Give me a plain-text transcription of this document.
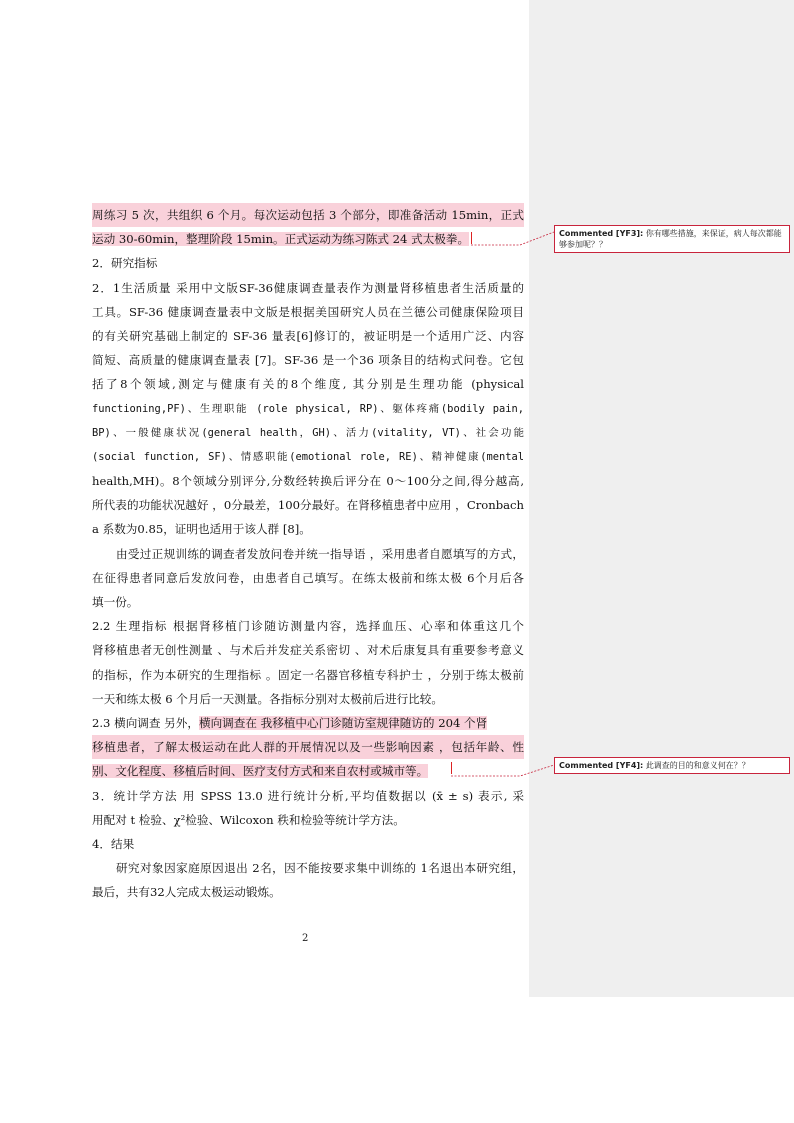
周练习 5 次，共组织 6 个月。每次运动包括 3 个部分，即准备活动 15min，正式
运动 30-60min，整理阶段 15min。正式运动为练习陈式 24 式太极拳。
2．研究指标
2．1生活质量 采用中文版SF-36健康调查量表作为测量肾移植患者生活质量的
工具。SF-36 健康调查量表中文版是根据美国研究人员在兰德公司健康保险项目
的有关研究基础上制定的 SF-36 量表[6]修订的，被证明是一个适用广泛、内容
简短、高质量的健康调查量表 [7]。SF-36 是一个36 项条目的结构式问卷。它包
括了8个领域,测定与健康有关的8个维度, 其分别是生理功能 (physical
functioning,PF)、生理职能 (role physical, RP)、躯体疼痛(bodily pain,
BP)、一般健康状况(general health，GH)、活力(vitality, VT)、社会功能
(social function, SF)、情感职能(emotional role, RE)、精神健康(mental
health,MH)。8个领域分别评分,分数经转换后评分在 0～100分之间,得分越高,
所代表的功能状况越好 ，0分最差，100分最好。在肾移植患者中应用 ，Cronbach
a 系数为0.85，证明也适用于该人群 [8]。
由受过正规训练的调查者发放问卷并统一指导语 ，采用患者自愿填写的方式，
在征得患者同意后发放问卷，由患者自己填写。在练太极前和练太极 6个月后各
填一份。
2.2 生理指标 根据肾移植门诊随访测量内容，选择血压、心率和体重这几个
肾移植患者无创性测量 、与术后并发症关系密切 、对术后康复具有重要参考意义
的指标，作为本研究的生理指标 。固定一名器官移植专科护士 ，分别于练太极前
一天和练太极 6 个月后一天测量。各指标分别对太极前后进行比较。
2.3 横向调查 另外，横向调查在 我移植中心门诊随访室规律随访的 204 个肾
移植患者，了解太极运动在此人群的开展情况以及一些影响因素 ，包括年龄、性
别、文化程度、移植后时间、医疗支付方式和来自农村或城市等。
3．统计学方法 用 SPSS 13.0 进行统计分析,平均值数据以 (x̄ ± s) 表示, 采
用配对 t 检验、χ²检验、Wilcoxon 秩和检验等统计学方法。
4．结果
研究对象因家庭原因退出 2名，因不能按要求集中训练的 1名退出本研究组，
最后，共有32人完成太极运动锻炼。
2
Commented [YF3]: 你有哪些措施，来保证，病人每次都能够参加呢？？
Commented [YF4]: 此调查的目的和意义何在？？
